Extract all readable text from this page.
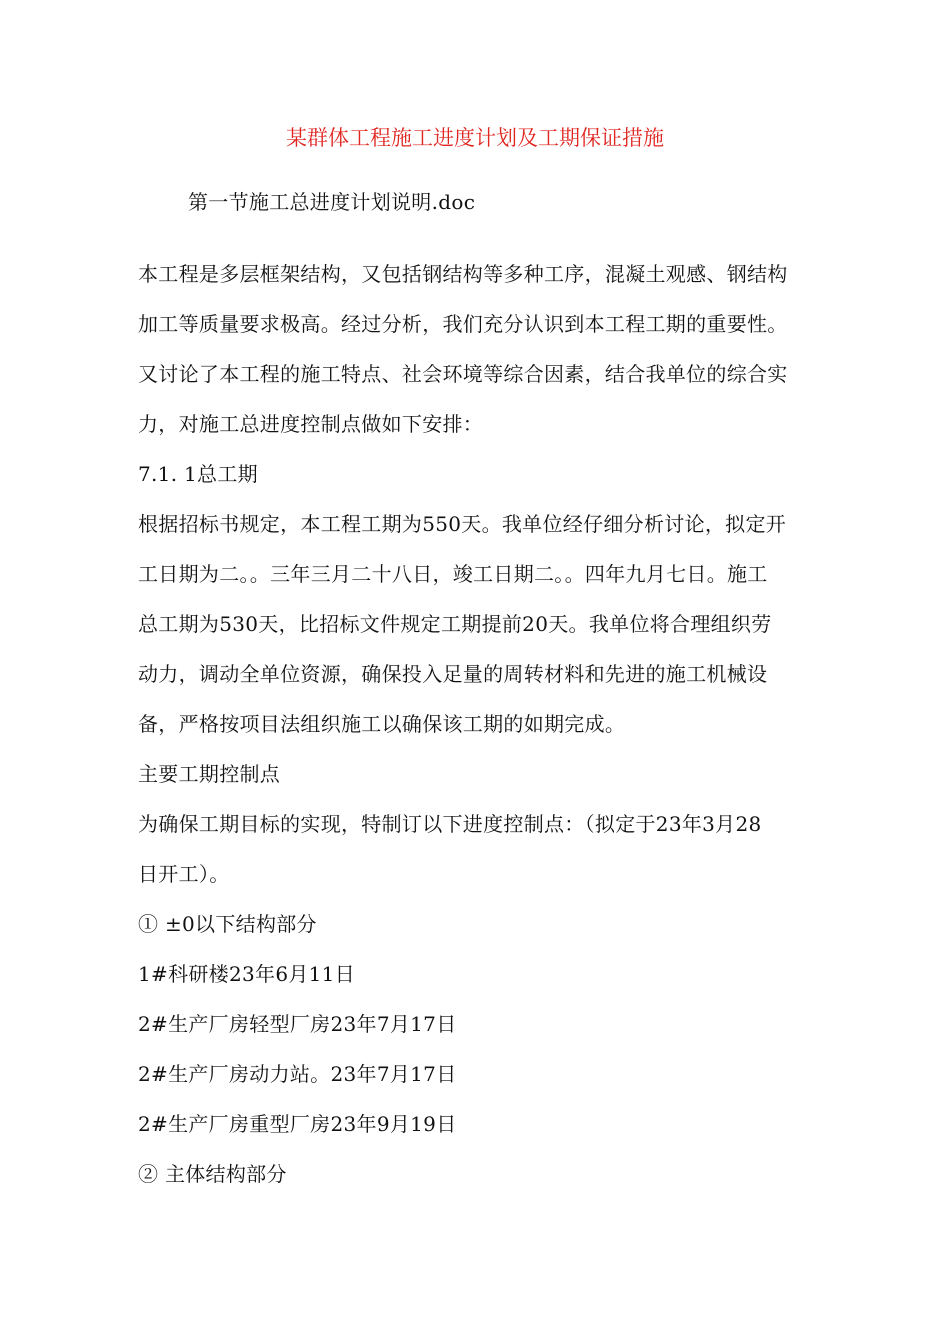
某群体工程施工进度计划及工期保证措施
第一节施工总进度计划说明.doc
本工程是多层框架结构，又包括钢结构等多种工序，混凝土观感、钢结构
加工等质量要求极高。经过分析，我们充分认识到本工程工期的重要性。
又讨论了本工程的施工特点、社会环境等综合因素，结合我单位的综合实
力，对施工总进度控制点做如下安排：
7.1. 1总工期
根据招标书规定，本工程工期为550天。我单位经仔细分析讨论，拟定开
工日期为二。。三年三月二十八日，竣工日期二。。四年九月七日。施工
总工期为530天，比招标文件规定工期提前20天。我单位将合理组织劳
动力，调动全单位资源，确保投入足量的周转材料和先进的施工机械设
备，严格按项目法组织施工以确保该工期的如期完成。
主要工期控制点
为确保工期目标的实现，特制订以下进度控制点：（拟定于23年3月28
日开工）。
① ±0以下结构部分
1#科研楼23年6月11日
2#生产厂房轻型厂房23年7月17日
2#生产厂房动力站。23年7月17日
2#生产厂房重型厂房23年9月19日
② 主体结构部分
